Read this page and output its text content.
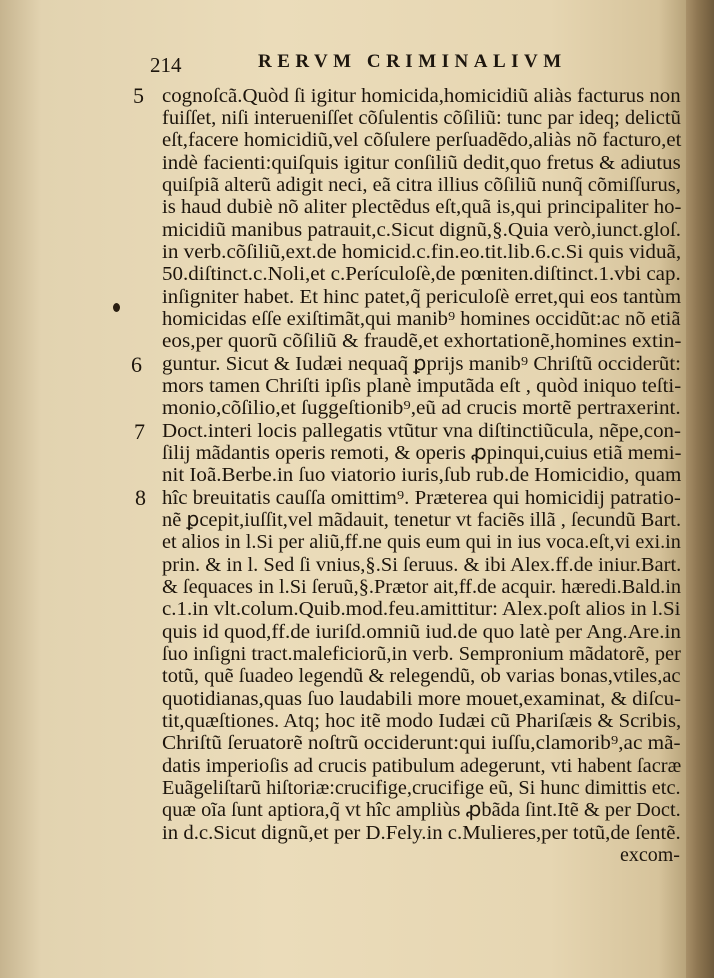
214	RERVM CRIMINALIVM
5
6
7
8
cognoſcã.Quòd ſi igitur homicida,homicidiũ aliàs facturus non
fuiſſet, niſi interueniſſet cõſulentis cõſiliũ: tunc par ideq; delictũ
eſt,facere homicidiũ,vel cõſulere perſuadẽdo,aliàs nõ facturo,et
indè facienti:quiſquis igitur conſiliũ dedit,quo fretus & adiutus
quiſpiã alterũ adigit neci, eã citra illius cõſiliũ nunq̃ cõmiſſurus,
is haud dubiè nõ aliter plectẽdus eſt,quã is,qui principaliter ho-
micidiũ manibus patrauit,c.Sicut dignũ,§.Quia verò,iunct.gloſ.
in verb.cõſiliũ,ext.de homicid.c.fin.eo.tit.lib.6.c.Si quis viduã,
50.diſtinct.c.Noli,et c.Perículoſè,de pœniten.diſtinct.1.vbi cap.
inſigniter habet. Et hinc patet,q̃ periculoſè erret,qui eos tantùm
homicidas eſſe exiſtimãt,qui manib⁹ homines occidũt:ac nõ etiã
eos,per quorũ cõſiliũ & fraudẽ,et exhortationẽ,homines extin-
guntur. Sicut & Iudæi nequaq̃ ꝑprijs manib⁹ Chriſtũ occiderũt:
mors tamen Chriſti ipſis planè imputãda eſt , quòd iniquo teſti-
monio,cõſilio,et ſuggeſtionib⁹,eũ ad crucis mortẽ pertraxerint.
Doct.interi locis pallegatis vtũtur vna diſtinctiũcula, nẽpe,con-
ſilij mãdantis operis remoti, & operis ꝓpinqui,cuius etiã memi-
nit Ioã.Berbe.in ſuo viatorio iuris,ſub rub.de Homicidio, quam
hîc breuitatis cauſſa omittim⁹. Præterea qui homicidij patratio-
nẽ ꝑcepit,iuſſit,vel mãdauit, tenetur vt faciẽs illã , ſecundũ Bart.
et alios in l.Si per aliũ,ff.ne quis eum qui in ius voca.eſt,vi exi.in
prin. & in l. Sed ſi vnius,§.Si ſeruus. & ibi Alex.ff.de iniur.Bart.
& ſequaces in l.Si ſeruũ,§.Prætor ait,ff.de acquir. hæredi.Bald.in
c.1.in vlt.colum.Quib.mod.feu.amittitur: Alex.poſt alios in l.Si
quis id quod,ff.de iuriſd.omniũ iud.de quo latè per Ang.Are.in
ſuo inſigni tract.maleficiorũ,in verb. Sempronium mãdatorẽ, per
totũ, quẽ ſuadeo legendũ & relegendũ, ob varias bonas,vtiles,ac
quotidianas,quas ſuo laudabili more mouet,examinat, & diſcu-
tit,quæſtiones. Atq; hoc itẽ modo Iudæi cũ Phariſæis & Scribis,
Chriſtũ ſeruatorẽ noſtrũ occiderunt:qui iuſſu,clamorib⁹,ac mã-
datis imperioſis ad crucis patibulum adegerunt, vti habent ſacræ
Euãgeliſtarũ hiſtoriæ:crucifige,crucifige eũ, Si hunc dimittis etc.
quæ oĩa ſunt aptiora,q̃ vt hîc ampliùs ꝓbãda ſint.Itẽ & per Doct.
in d.c.Sicut dignũ,et per D.Fely.in c.Mulieres,per totũ,de ſentẽ.
excom-
